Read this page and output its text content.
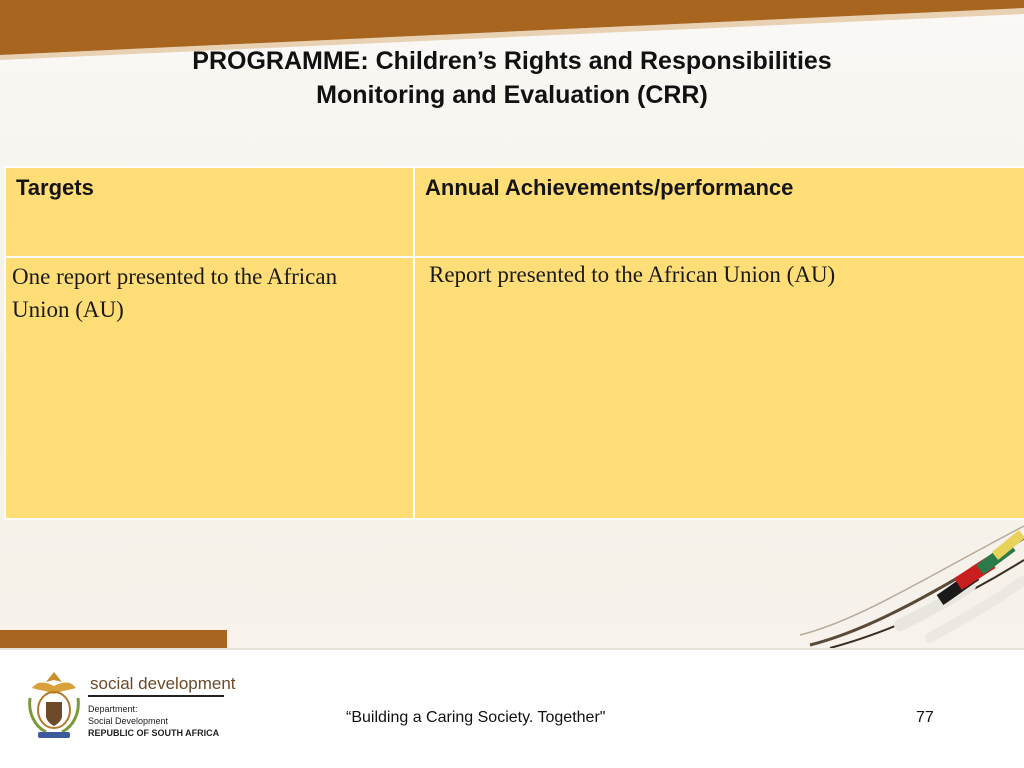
PROGRAMME: Children’s Rights and Responsibilities
Monitoring and Evaluation (CRR)
Targets	Annual Achievements/performance
One report presented to the African Union (AU)	Report presented to the African Union (AU)
social development
Department:
Social Development
REPUBLIC OF SOUTH AFRICA
“Building a Caring Society. Together"	77
